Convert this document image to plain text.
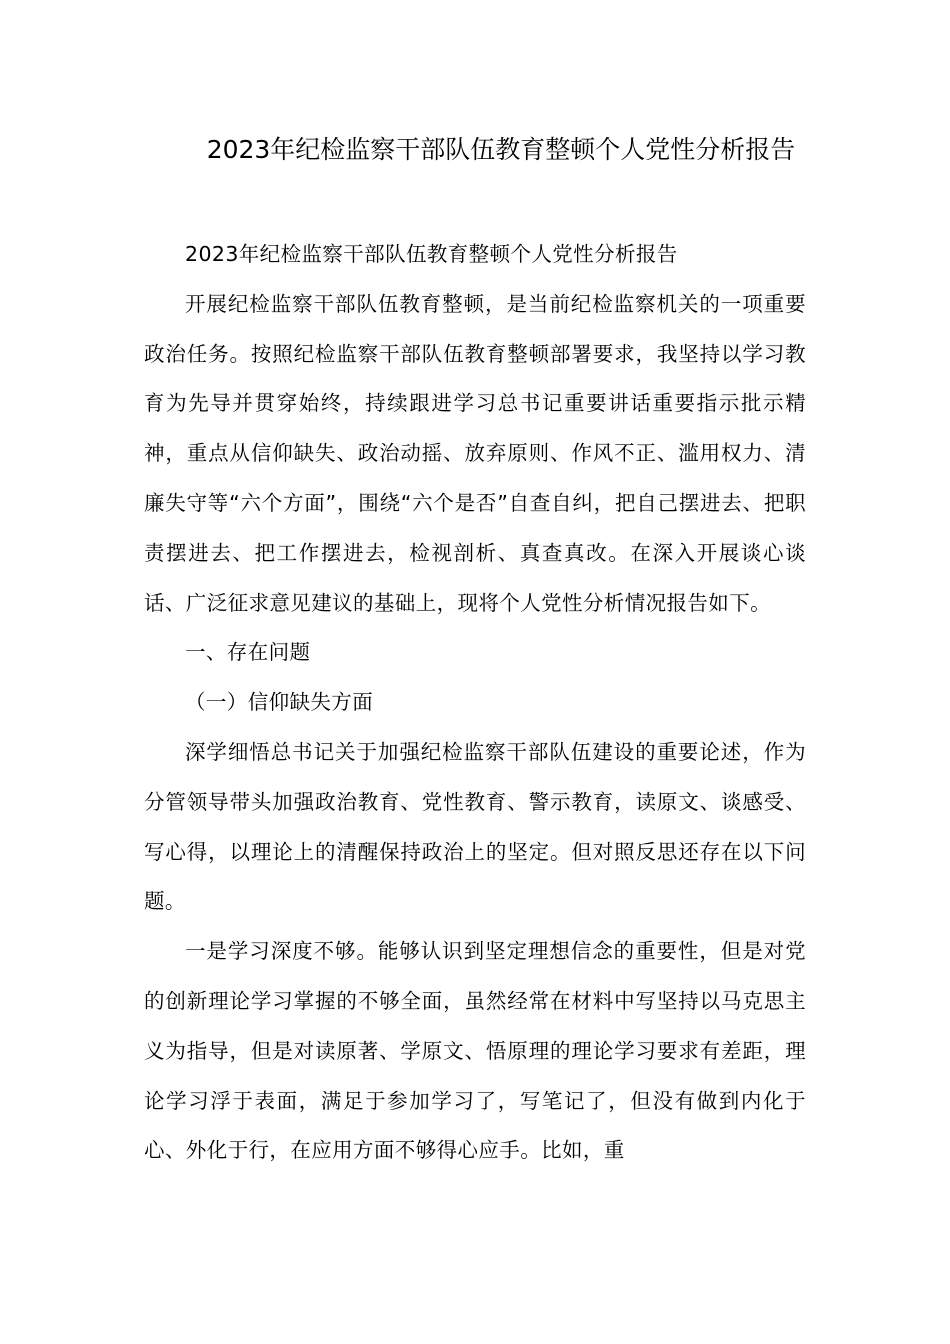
2023年纪检监察干部队伍教育整顿个人党性分析报告

2023年纪检监察干部队伍教育整顿个人党性分析报告

开展纪检监察干部队伍教育整顿，是当前纪检监察机关的一项重要政治任务。按照纪检监察干部队伍教育整顿部署要求，我坚持以学习教育为先导并贯穿始终，持续跟进学习总书记重要讲话重要指示批示精神，重点从信仰缺失、政治动摇、放弃原则、作风不正、滥用权力、清廉失守等“六个方面”，围绕“六个是否”自查自纠，把自己摆进去、把职责摆进去、把工作摆进去，检视剖析、真查真改。在深入开展谈心谈话、广泛征求意见建议的基础上，现将个人党性分析情况报告如下。

一、存在问题

（一）信仰缺失方面

深学细悟总书记关于加强纪检监察干部队伍建设的重要论述，作为分管领导带头加强政治教育、党性教育、警示教育，读原文、谈感受、写心得，以理论上的清醒保持政治上的坚定。但对照反思还存在以下问题。

一是学习深度不够。能够认识到坚定理想信念的重要性，但是对党的创新理论学习掌握的不够全面，虽然经常在材料中写坚持以马克思主义为指导，但是对读原著、学原文、悟原理的理论学习要求有差距，理论学习浮于表面，满足于参加学习了，写笔记了，但没有做到内化于心、外化于行，在应用方面不够得心应手。比如，重
